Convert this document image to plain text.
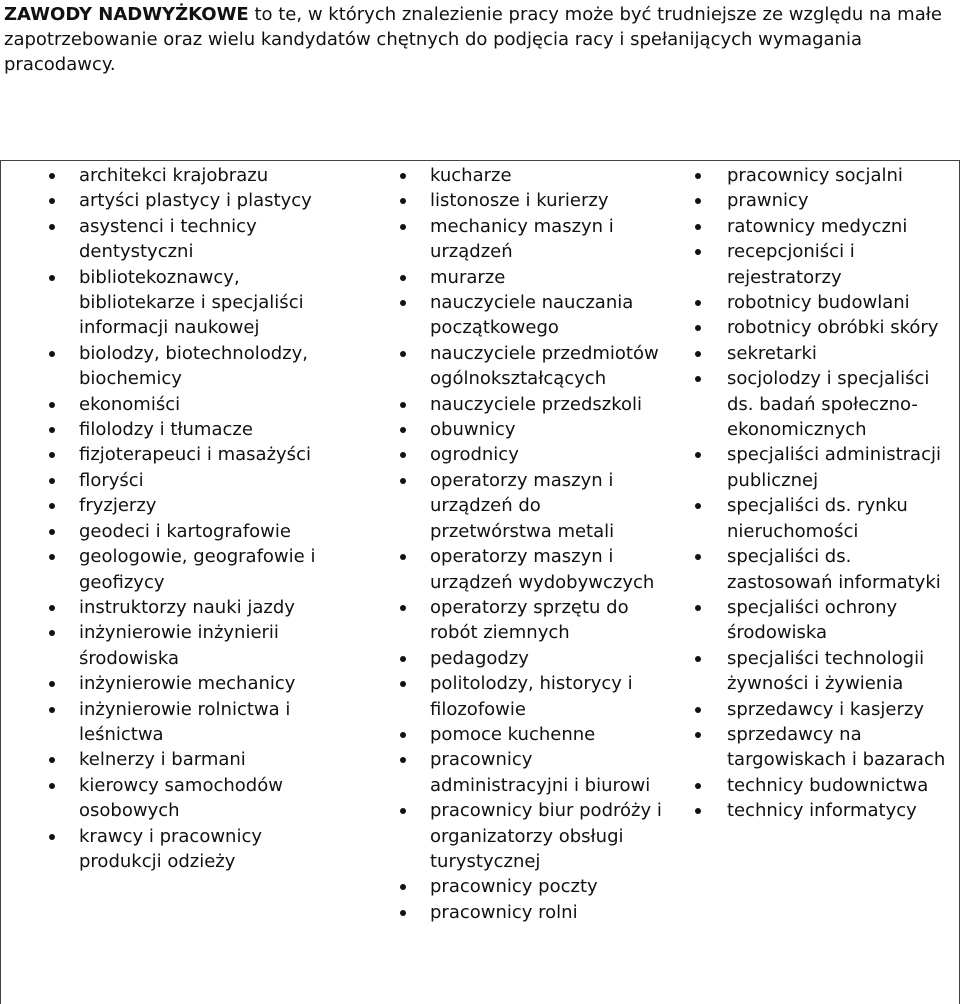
ZAWODY NADWYŻKOWE to te, w których znalezienie pracy może być trudniejsze ze względu na małe zapotrzebowanie oraz wielu kandydatów chętnych do podjęcia racy i spełanijących wymagania pracodawcy.

architekci krajobrazu
artyści plastycy i plastycy
asystenci i technicy dentystyczni
bibliotekoznawcy, bibliotekarze i specjaliści informacji naukowej
biolodzy, biotechnolodzy, biochemicy
ekonomiści
filolodzy i tłumacze
fizjoterapeuci i masażyści
floryści
fryzjerzy
geodeci i kartografowie
geologowie, geografowie i geofizycy
instruktorzy nauki jazdy
inżynierowie inżynierii środowiska
inżynierowie mechanicy
inżynierowie rolnictwa i leśnictwa
kelnerzy i barmani
kierowcy samochodów osobowych
krawcy i pracownicy produkcji odzieży
kucharze
listonosze i kurierzy
mechanicy maszyn i urządzeń
murarze
nauczyciele nauczania początkowego
nauczyciele przedmiotów ogólnokształcących
nauczyciele przedszkoli
obuwnicy
ogrodnicy
operatorzy maszyn i urządzeń do przetwórstwa metali
operatorzy maszyn i urządzeń wydobywczych
operatorzy sprzętu do robót ziemnych
pedagodzy
politolodzy, historycy i filozofowie
pomoce kuchenne
pracownicy administracyjni i biurowi
pracownicy biur podróży i organizatorzy obsługi turystycznej
pracownicy poczty
pracownicy rolni
pracownicy socjalni
prawnicy
ratownicy medyczni
recepcjoniści i rejestratorzy
robotnicy budowlani
robotnicy obróbki skóry
sekretarki
socjolodzy i specjaliści ds. badań społeczno-ekonomicznych
specjaliści administracji publicznej
specjaliści ds. rynku nieruchomości
specjaliści ds. zastosowań informatyki
specjaliści ochrony środowiska
specjaliści technologii żywności i żywienia
sprzedawcy i kasjerzy
sprzedawcy na targowiskach i bazarach
technicy budownictwa
technicy informatycy
